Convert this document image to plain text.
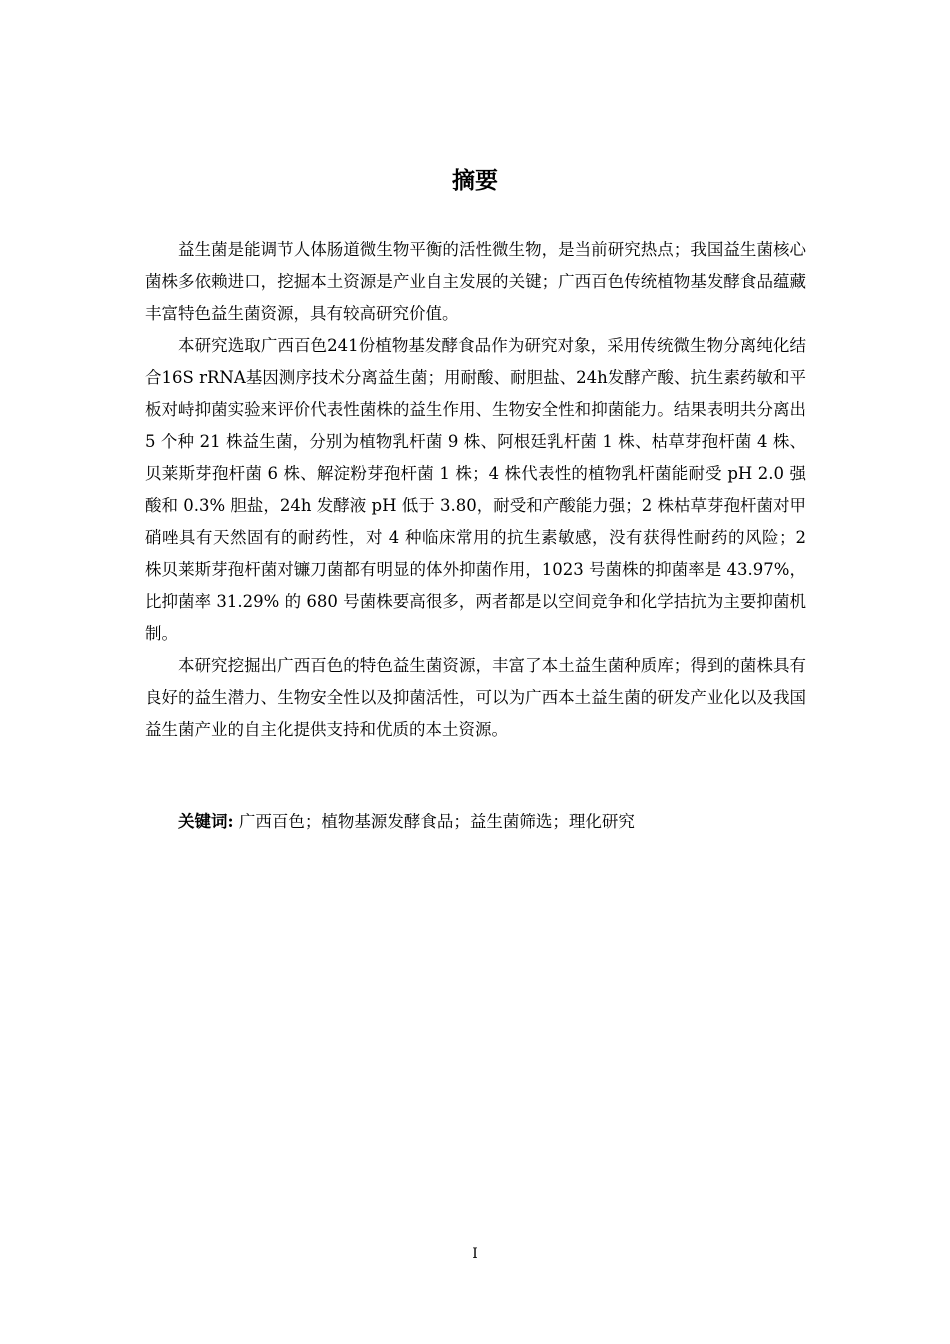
摘要

益生菌是能调节人体肠道微生物平衡的活性微生物，是当前研究热点；我国益生菌核心菌株多依赖进口，挖掘本土资源是产业自主发展的关键；广西百色传统植物基发酵食品蕴藏丰富特色益生菌资源，具有较高研究价值。

本研究选取广西百色241份植物基发酵食品作为研究对象，采用传统微生物分离纯化结合16S rRNA基因测序技术分离益生菌；用耐酸、耐胆盐、24h发酵产酸、抗生素药敏和平板对峙抑菌实验来评价代表性菌株的益生作用、生物安全性和抑菌能力。结果表明共分离出 5 个种 21 株益生菌，分别为植物乳杆菌 9 株、阿根廷乳杆菌 1 株、枯草芽孢杆菌 4 株、贝莱斯芽孢杆菌 6 株、解淀粉芽孢杆菌 1 株；4 株代表性的植物乳杆菌能耐受 pH 2.0 强酸和 0.3% 胆盐，24h 发酵液 pH 低于 3.80，耐受和产酸能力强；2 株枯草芽孢杆菌对甲硝唑具有天然固有的耐药性，对 4 种临床常用的抗生素敏感，没有获得性耐药的风险；2 株贝莱斯芽孢杆菌对镰刀菌都有明显的体外抑菌作用，1023 号菌株的抑菌率是 43.97%，比抑菌率 31.29% 的 680 号菌株要高很多，两者都是以空间竞争和化学拮抗为主要抑菌机制。

本研究挖掘出广西百色的特色益生菌资源，丰富了本土益生菌种质库；得到的菌株具有良好的益生潜力、生物安全性以及抑菌活性，可以为广西本土益生菌的研发产业化以及我国益生菌产业的自主化提供支持和优质的本土资源。

关键词: 广西百色；植物基源发酵食品；益生菌筛选；理化研究
I
